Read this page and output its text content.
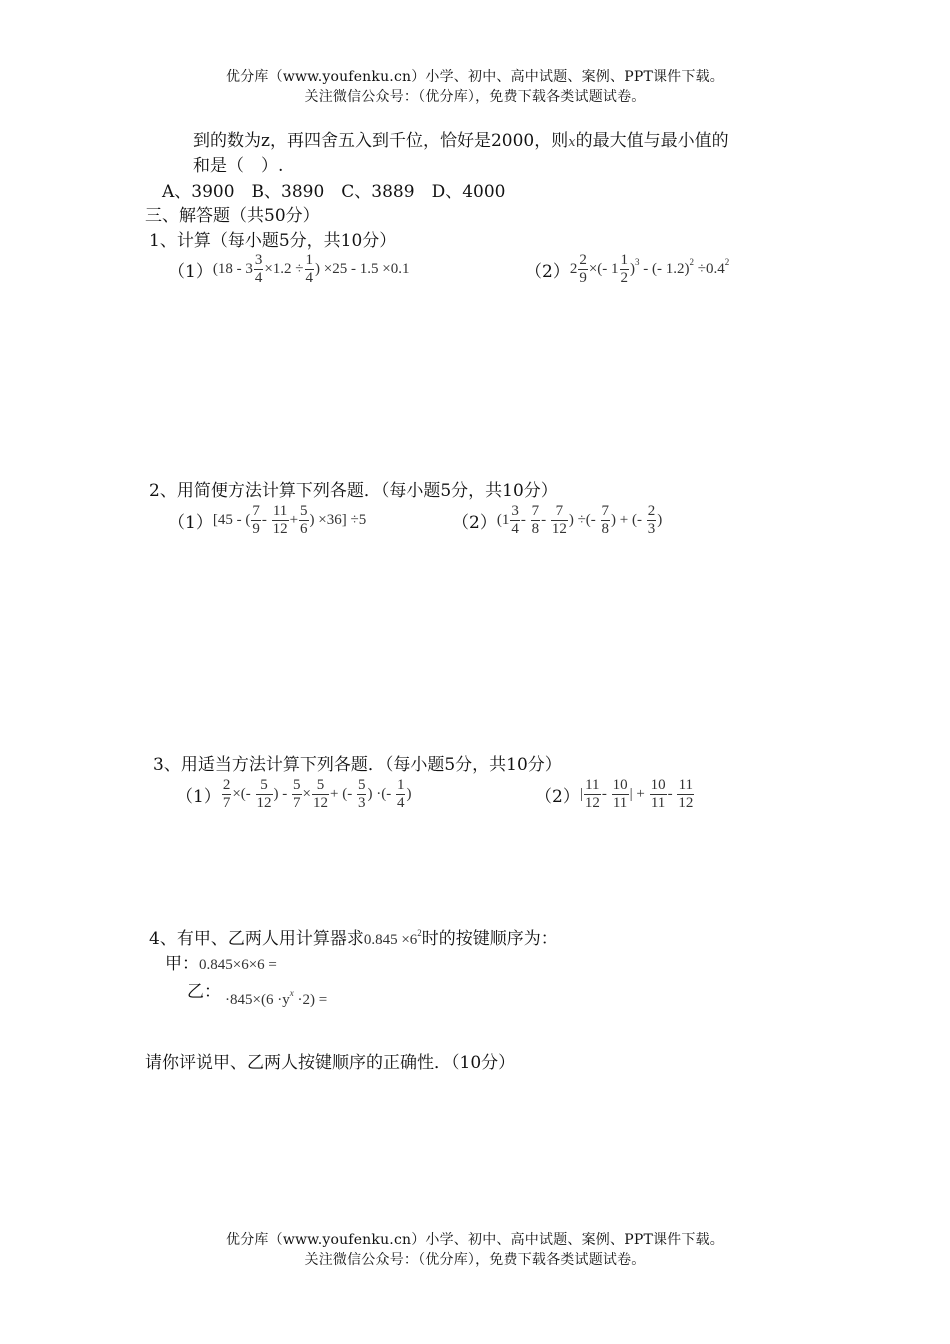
优分库（www.youfenku.cn）小学、初中、高中试题、案例、PPT课件下载。
关注微信公众号：（优分库），免费下载各类试题试卷。
到的数为z，再四舍五入到千位，恰好是2000，则x的最大值与最小值的
和是（　）.
A、3900　B、3890　C、3889　D、4000
三、解答题（共50分）
1、计算（每小题5分，共10分）
（1） ($18 - 3 \frac{3}{4} \times 1.2 \div \frac{1}{4}$ ) ×25 - 1.5 ×0.1	（2） $2 \frac{2}{9}$ ×(- $1 \frac{1}{2} )^3$ - (- $1.2)^2 \div 0.4^2$
2、用简便方法计算下列各题．（每小题5分，共10分）
（1） [45 - ( $\frac{7}{9} - \frac{11}{12} + \frac{5}{6}$ ) ×36] ÷5	（2） ($1 \frac{3}{4} - \frac{7}{8} - \frac{7}{12}$ ) ÷(- $\frac{7}{8}$ ) + (- $\frac{2}{3}$ )
3、用适当方法计算下列各题．（每小题5分，共10分）
$(1) \frac{2}{7}$ ×(- $\frac{5}{12}$ ) - $\frac{5}{7} \times \frac{5}{12}$ + (- $\frac{5}{3}$ ) ·(- $\frac{1}{4}$ )	（2） | $\frac{11}{12} - \frac{10}{11}$ | + $\frac{10}{11} - \frac{11}{12}$
4、有甲、乙两人用计算器求$0.845 \times 6^2$时的按键顺序为：
甲：0.845×6×6 =
乙： $\cdot 845\times(6 \cdot y^x \cdot 2)$ =
请你评说甲、乙两人按键顺序的正确性．（10分）
优分库（www.youfenku.cn）小学、初中、高中试题、案例、PPT课件下载。
关注微信公众号：（优分库），免费下载各类试题试卷。
